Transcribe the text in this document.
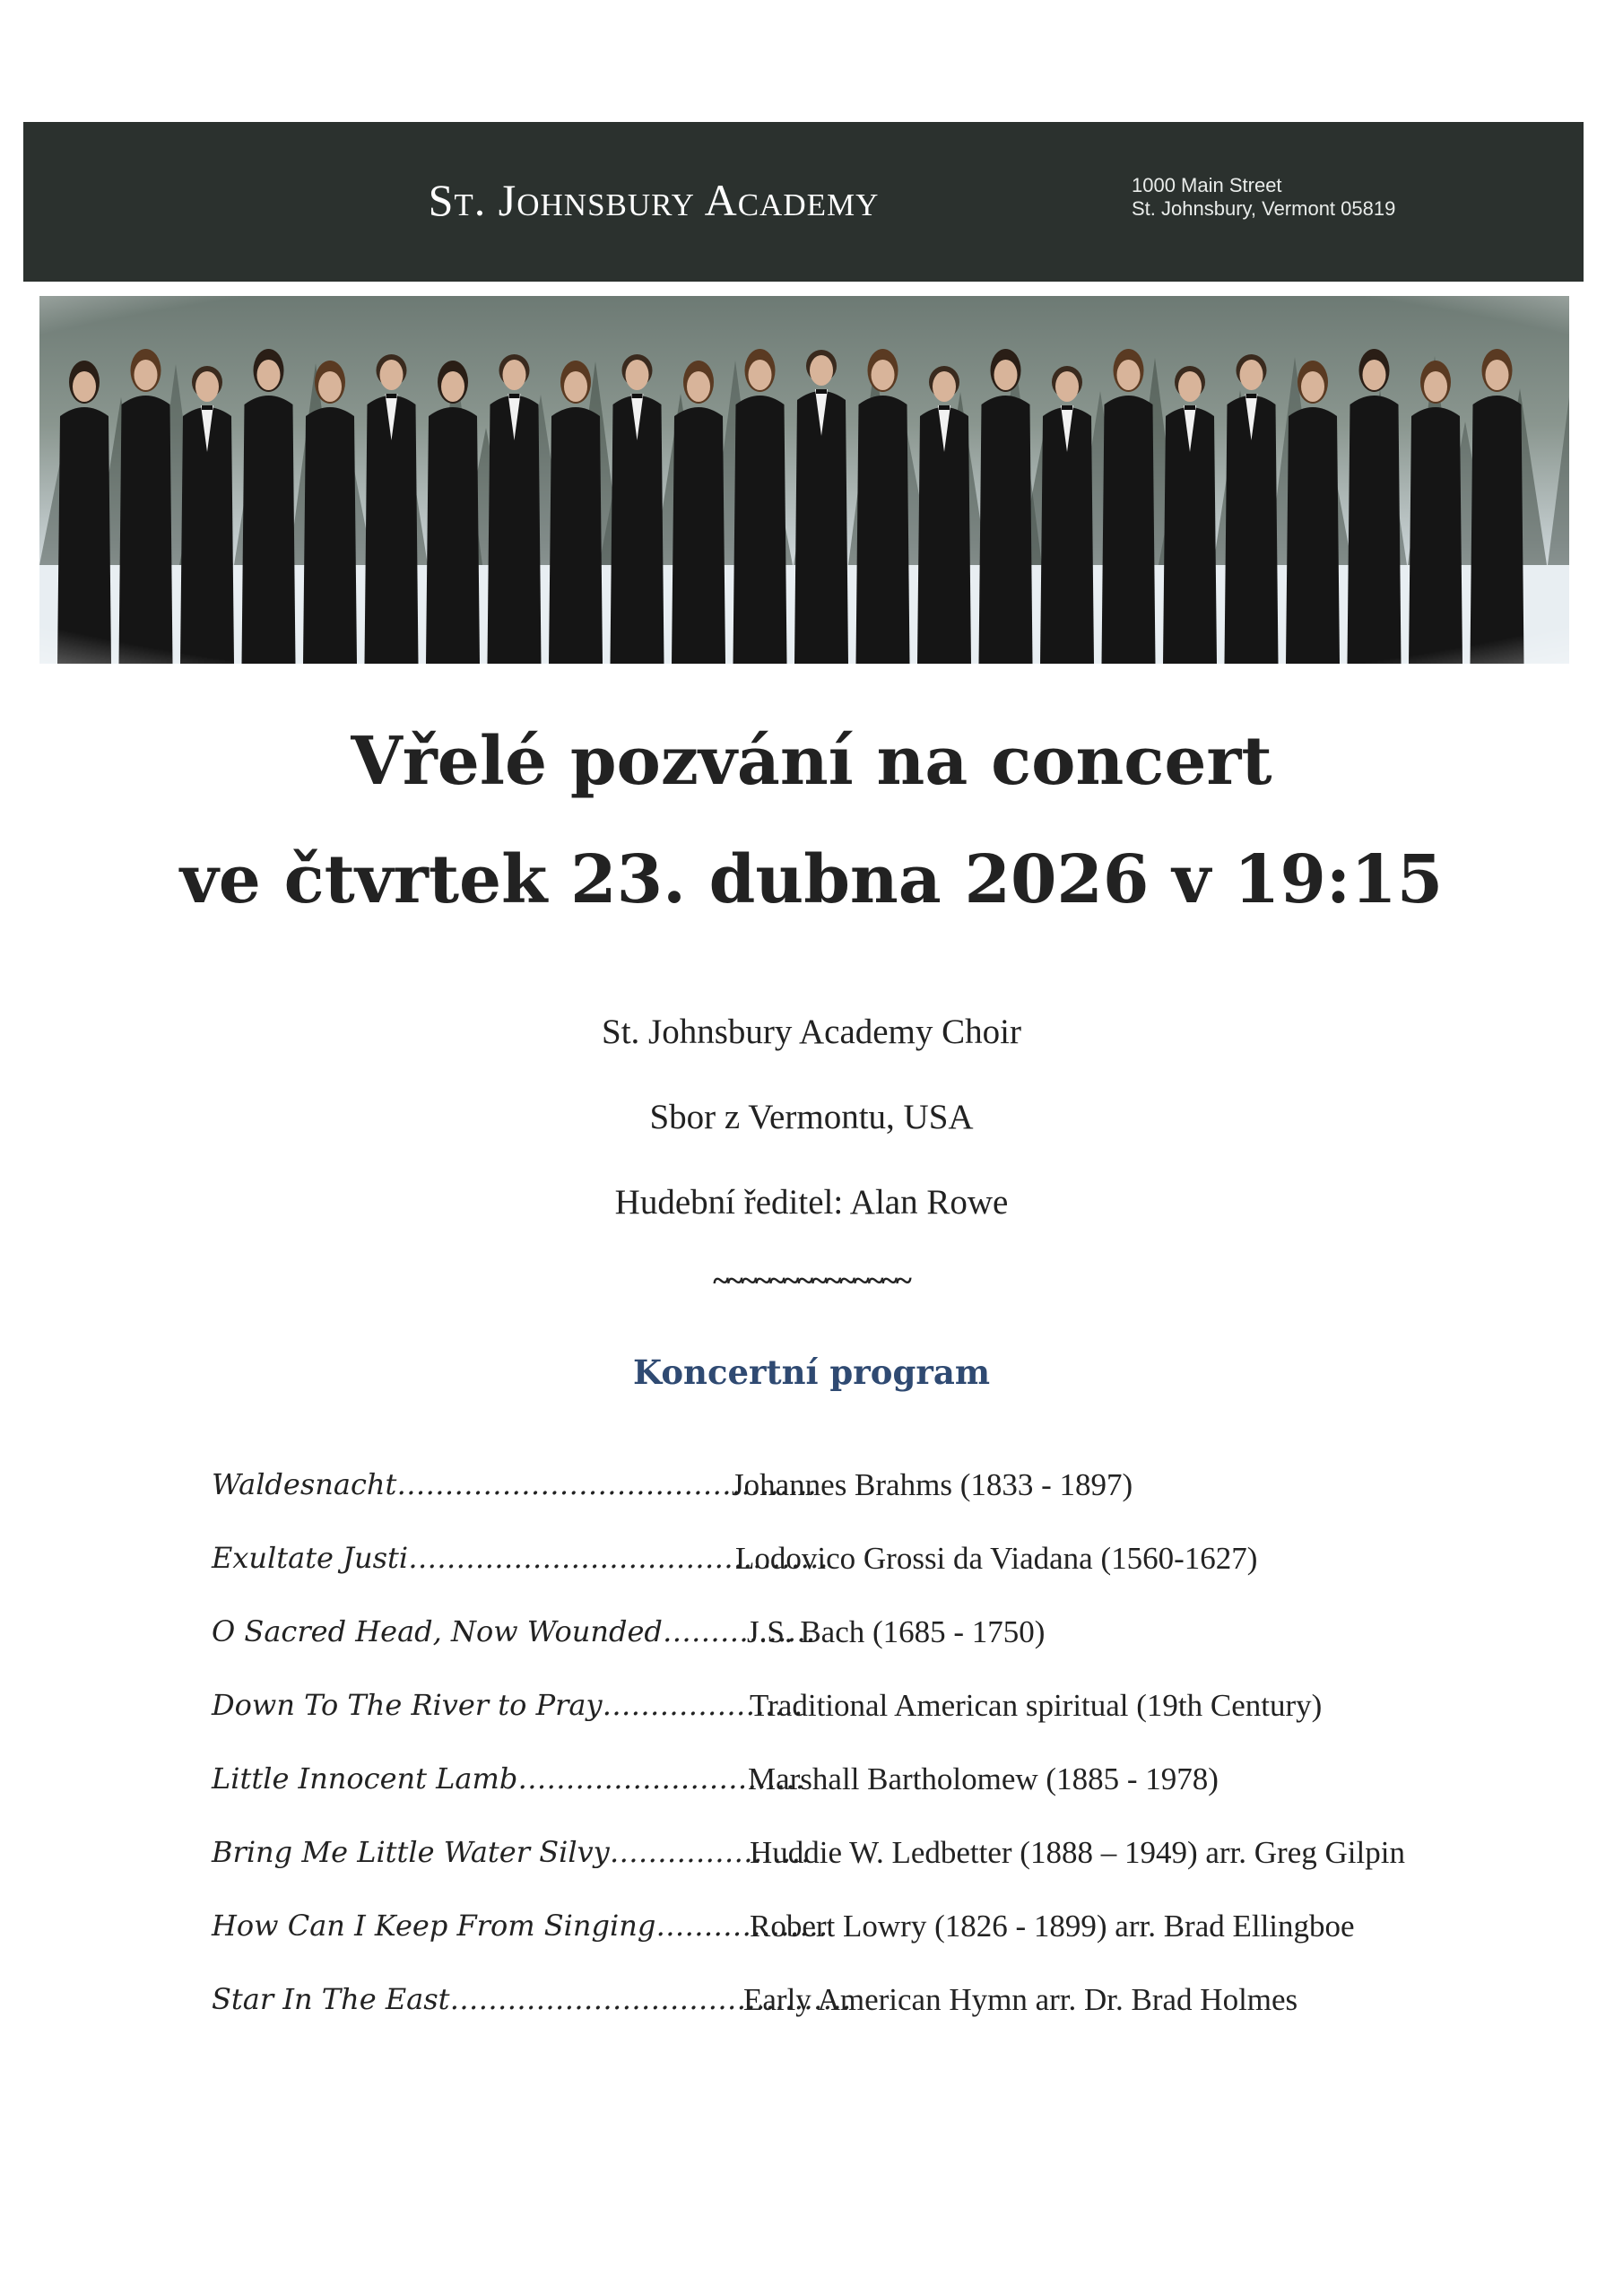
St. Johnsbury Academy	1000 Main Street
St. Johnsbury, Vermont 05819
Vřelé pozvání na concert
ve čtvrtek 23. dubna 2026 v 19:15
St. Johnsbury Academy Choir
Sbor z Vermontu, USA
Hudební ředitel: Alan Rowe
~~~~~~~~~~~~~~
Koncertní program
Waldesnacht……………………………………..
Johannes Brahms (1833 - 1897)
Exultate Justi……………………………………..
Lodovico Grossi da Viadana (1560-1627)
O Sacred Head, Now Wounded…………….
J.S. Bach (1685 - 1750)
Down To The River to Pray…………………
Traditional American spiritual (19th Century)
Little Innocent Lamb…………………………
Marshall Bartholomew (1885 - 1978)
Bring Me Little Water Silvy…………………
Huddie W. Ledbetter (1888 – 1949) arr. Greg Gilpin
How Can I Keep From Singing………………
Robert Lowry (1826 - 1899) arr. Brad Ellingboe
Star In The East……………………………………
Early American Hymn arr. Dr. Brad Holmes
